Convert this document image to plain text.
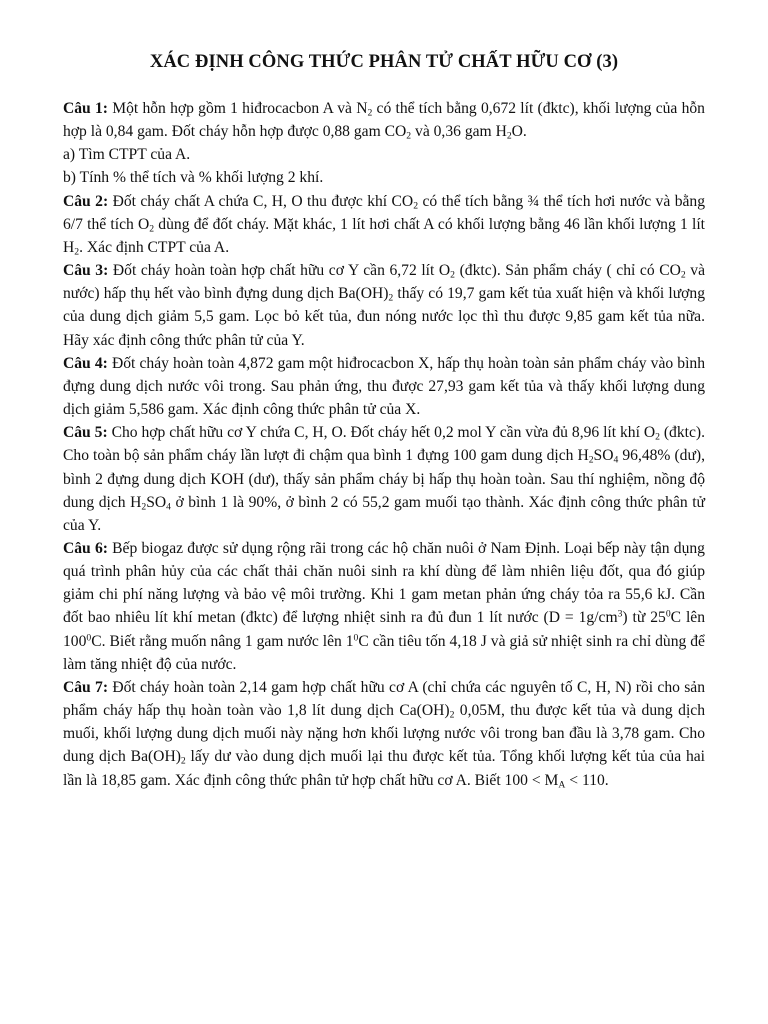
XÁC ĐỊNH CÔNG THỨC PHÂN TỬ CHẤT HỮU CƠ (3)

Câu 1: Một hỗn hợp gồm 1 hiđrocacbon A và $N_2$ có thể tích bằng 0,672 lít (đktc), khối lượng của hỗn hợp là 0,84 gam. Đốt cháy hỗn hợp được 0,88 gam $CO_2$ và 0,36 gam $H_2O$.

a) Tìm CTPT của A.

b) Tính % thể tích và % khối lượng 2 khí.

Câu 2: Đốt cháy chất A chứa C, H, O thu được khí $CO_2$ có thể tích bằng ¾ thể tích hơi nước và bằng 6/7 thể tích $O_2$ dùng để đốt cháy. Mặt khác, 1 lít hơi chất A có khối lượng bằng 46 lần khối lượng 1 lít $H_2$. Xác định CTPT của A.

Câu 3: Đốt cháy hoàn toàn hợp chất hữu cơ Y cần 6,72 lít $O_2$ (đktc). Sản phẩm cháy ( chỉ có $CO_2$ và nước) hấp thụ hết vào bình đựng dung dịch $Ba(OH)_2$ thấy có 19,7 gam kết tủa xuất hiện và khối lượng của dung dịch giảm 5,5 gam. Lọc bỏ kết tủa, đun nóng nước lọc thì thu được 9,85 gam kết tủa nữa. Hãy xác định công thức phân tử của Y.

Câu 4: Đốt cháy hoàn toàn 4,872 gam một hiđrocacbon X, hấp thụ hoàn toàn sản phẩm cháy vào bình đựng dung dịch nước vôi trong. Sau phản ứng, thu được 27,93 gam kết tủa và thấy khối lượng dung dịch giảm 5,586 gam. Xác định công thức phân tử của X.

Câu 5: Cho hợp chất hữu cơ Y chứa C, H, O. Đốt cháy hết 0,2 mol Y cần vừa đủ 8,96 lít khí $O_2$ (đktc). Cho toàn bộ sản phẩm cháy lần lượt đi chậm qua bình 1 đựng 100 gam dung dịch $H_2SO_4$ 96,48% (dư), bình 2 đựng dung dịch KOH (dư), thấy sản phẩm cháy bị hấp thụ hoàn toàn. Sau thí nghiệm, nồng độ dung dịch $H_2SO_4$ ở bình 1 là 90%, ở bình 2 có 55,2 gam muối tạo thành. Xác định công thức phân tử của Y.

Câu 6: Bếp biogaz được sử dụng rộng rãi trong các hộ chăn nuôi ở Nam Định. Loại bếp này tận dụng quá trình phân hủy của các chất thải chăn nuôi sinh ra khí dùng để làm nhiên liệu đốt, qua đó giúp giảm chi phí năng lượng và bảo vệ môi trường. Khi 1 gam metan phản ứng cháy tỏa ra 55,6 kJ. Cần đốt bao nhiêu lít khí metan (đktc) để lượng nhiệt sinh ra đủ đun 1 lít nước $(D = 1g/cm^3)$ từ $25^0C$ lên $100^0C$. Biết rằng muốn nâng 1 gam nước lên $1^0C$ cần tiêu tốn 4,18 J và giả sử nhiệt sinh ra chỉ dùng để làm tăng nhiệt độ của nước.

Câu 7: Đốt cháy hoàn toàn 2,14 gam hợp chất hữu cơ A (chỉ chứa các nguyên tố C, H, N) rồi cho sản phẩm cháy hấp thụ hoàn toàn vào 1,8 lít dung dịch $Ca(OH)_2$ 0,05M, thu được kết tủa và dung dịch muối, khối lượng dung dịch muối này nặng hơn khối lượng nước vôi trong ban đầu là 3,78 gam. Cho dung dịch $Ba(OH)_2$ lấy dư vào dung dịch muối lại thu được kết tủa. Tổng khối lượng kết tủa của hai lần là 18,85 gam. Xác định công thức phân tử hợp chất hữu cơ A. Biết $100 < M_A < 110$.
